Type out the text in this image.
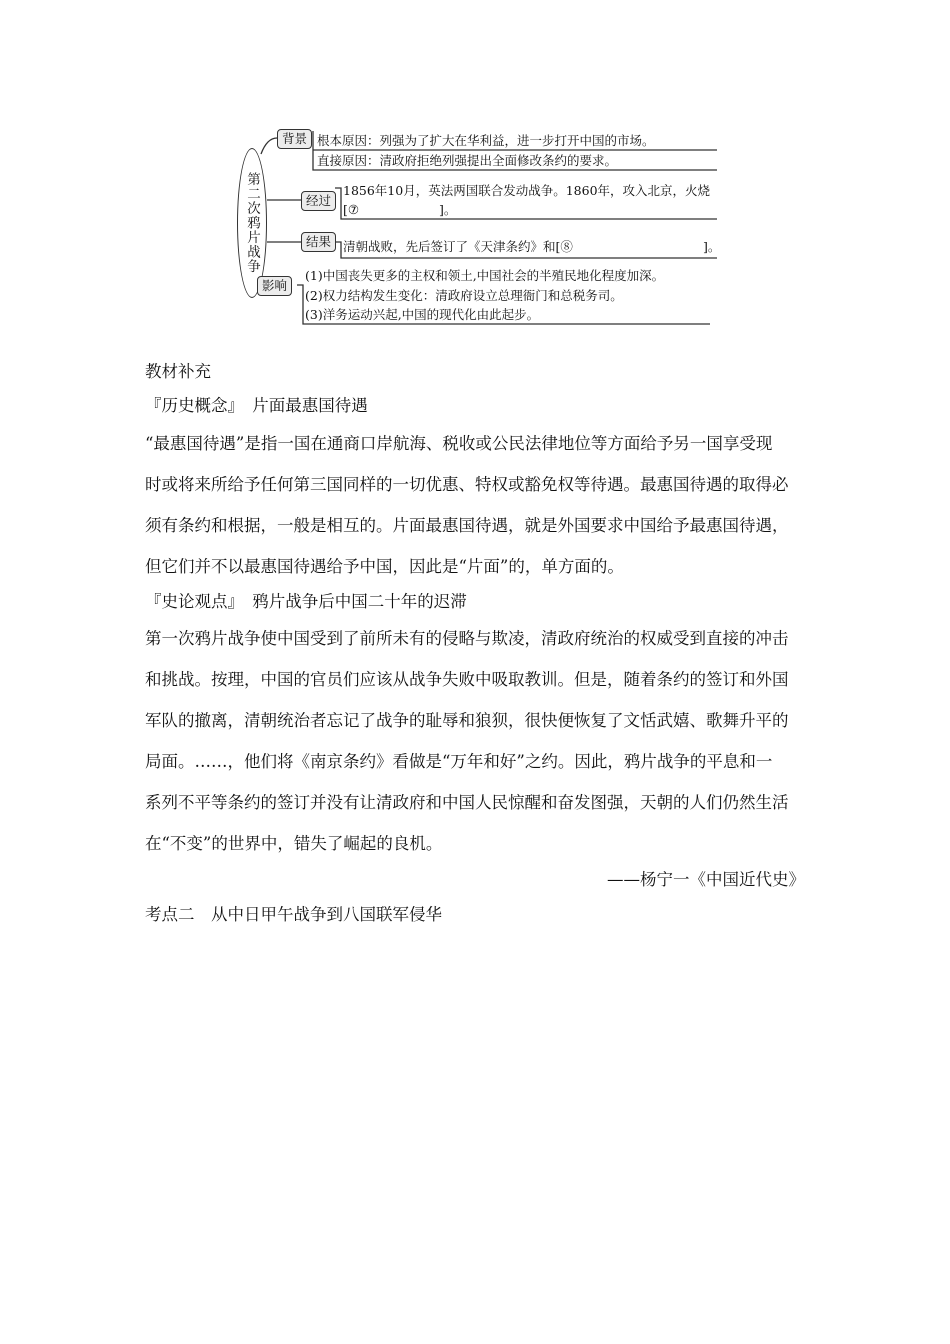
第二次鸦片战争
背景 根本原因：列强为了扩大在华利益，进一步打开中国的市场。
直接原因：清政府拒绝列强提出全面修改条约的要求。
经过
1856年10月，英法两国联合发动战争。1860年，攻入北京，火烧
[⑦	]。
结果 清朝战败，先后签订了《天津条约》和[⑧	]。
影响
(1)中国丧失更多的主权和领土,中国社会的半殖民地化程度加深。
(2)权力结构发生变化：清政府设立总理衙门和总税务司。
(3)洋务运动兴起,中国的现代化由此起步。
教材补充
『历史概念』　片面最惠国待遇
“最惠国待遇”是指一国在通商口岸航海、税收或公民法律地位等方面给予另一国享受现
时或将来所给予任何第三国同样的一切优惠、特权或豁免权等待遇。最惠国待遇的取得必
须有条约和根据，一般是相互的。片面最惠国待遇，就是外国要求中国给予最惠国待遇，
但它们并不以最惠国待遇给予中国，因此是“片面”的，单方面的。
『史论观点』　鸦片战争后中国二十年的迟滞
第一次鸦片战争使中国受到了前所未有的侵略与欺凌，清政府统治的权威受到直接的冲击
和挑战。按理，中国的官员们应该从战争失败中吸取教训。但是，随着条约的签订和外国
军队的撤离，清朝统治者忘记了战争的耻辱和狼狈，很快便恢复了文恬武嬉、歌舞升平的
局面。……，他们将《南京条约》看做是“万年和好”之约。因此，鸦片战争的平息和一
系列不平等条约的签订并没有让清政府和中国人民惊醒和奋发图强，天朝的人们仍然生活
在“不变”的世界中，错失了崛起的良机。
——杨宁一《中国近代史》
考点二　从中日甲午战争到八国联军侵华
